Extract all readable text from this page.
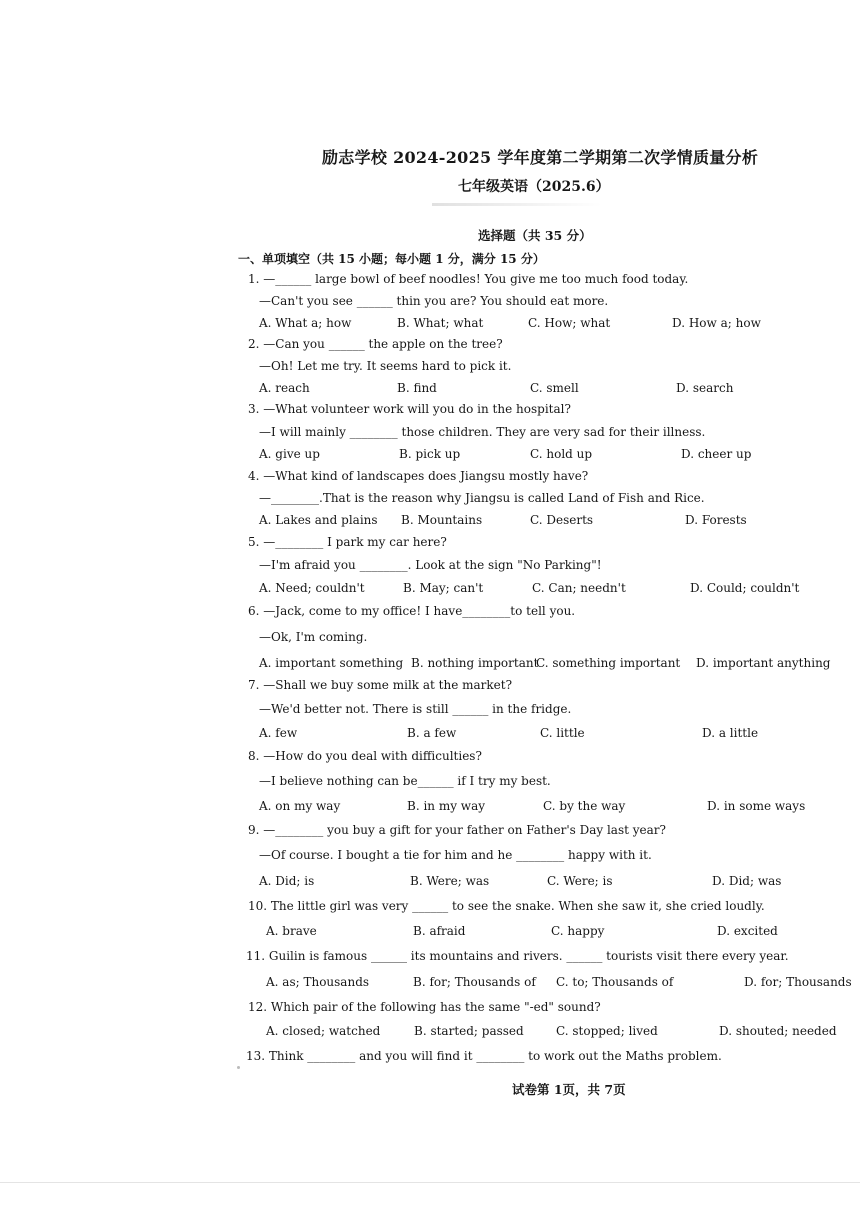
励志学校 2024-2025 学年度第二学期第二次学情质量分析
七年级英语（2025.6）
选择题（共 35 分）
一、单项填空（共 15 小题；每小题 1 分，满分 15 分）
1. —______ large bowl of beef noodles! You give me too much food today.
—Can't you see ______ thin you are? You should eat more.
A. What a; how	B. What; what	C. How; what	D. How a; how
2. —Can you ______ the apple on the tree?
—Oh! Let me try. It seems hard to pick it.
A. reach	B. find	C. smell	D. search
3. —What volunteer work will you do in the hospital?
—I will mainly ________ those children. They are very sad for their illness.
A. give up	B. pick up	C. hold up	D. cheer up
4. —What kind of landscapes does Jiangsu mostly have?
—________.That is the reason why Jiangsu is called Land of Fish and Rice.
A. Lakes and plains B. Mountains	C. Deserts	D. Forests
5. —________ I park my car here?
—I'm afraid you ________. Look at the sign "No Parking"!
A. Need; couldn't	B. May; can't	C. Can; needn't	D. Could; couldn't
6. —Jack, come to my office! I have________to tell you.
—Ok, I'm coming.
A. important something B. nothing important
C. something important D. important anything
7. —Shall we buy some milk at the market?
—We'd better not. There is still ______ in the fridge.
A. few	B. a few	C. little	D. a little
8. —How do you deal with difficulties?
—I believe nothing can be______ if I try my best.
A. on my way	B. in my way	C. by the way	D. in some ways
9. —________ you buy a gift for your father on Father's Day last year?
—Of course. I bought a tie for him and he ________ happy with it.
A. Did; is	B. Were; was	C. Were; is	D. Did; was
10. The little girl was very ______ to see the snake. When she saw it, she cried loudly.
A. brave	B. afraid	C. happy	D. excited
11. Guilin is famous ______ its mountains and rivers. ______ tourists visit there every year.
A. as; Thousands	B. for; Thousands of C. to; Thousands of	D. for; Thousands
12. Which pair of the following has the same "-ed" sound?
A. closed; watched	B. started; passed	C. stopped; lived	D. shouted; needed
13. Think ________ and you will find it ________ to work out the Maths problem.
试卷第 1页，共 7页
